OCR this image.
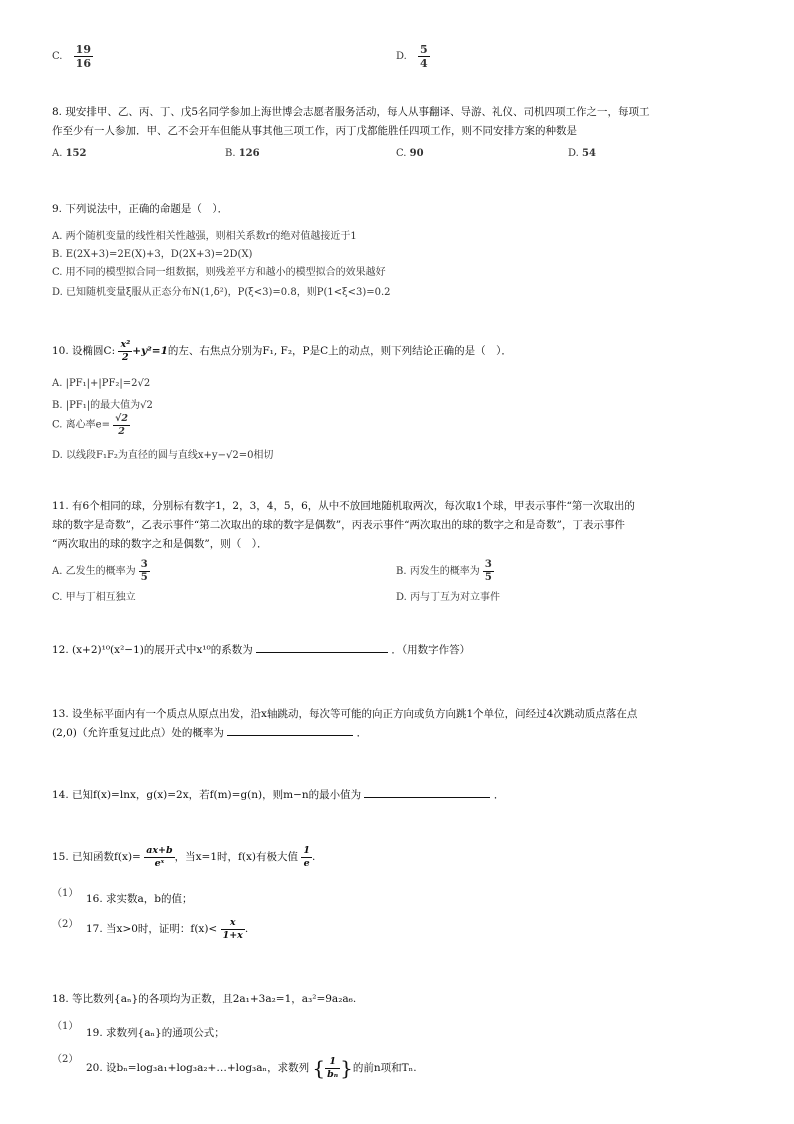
C. $\frac{19}{16}$	D. $\frac{5}{4}$
8. 现安排甲、乙、丙、丁、戊5名同学参加上海世博会志愿者服务活动，每人从事翻译、导游、礼仪、司机四项工作之一，每项工
作至少有一人参加．甲、乙不会开车但能从事其他三项工作，丙丁戊都能胜任四项工作，则不同安排方案的种数是
A. 152	B. 126	C. 90	D. 54
9. 下列说法中，正确的命题是（　）．
A. 两个随机变量的线性相关性越强，则相关系数r的绝对值越接近于1
B. E(2X+3)=2E(X)+3，D(2X+3)=2D(X)
C. 用不同的模型拟合同一组数据，则残差平方和越小的模型拟合的效果越好
D. 已知随机变量ξ服从正态分布N(1,δ²)，P(ξ<3)=0.8，则P(1<ξ<3)=0.2
10. 设椭圆C: $\frac{\text{x²}}{2} +y^2=1$的左、右焦点分别为F₁, F₂，P是C上的动点，则下列结论正确的是（　）．
A. |PF₁|+|PF₂|=2√2
B. |PF₁|的最大值为√2
C. 离心率$e= \frac{√2}{2}$
D. 以线段F₁F₂为直径的圆与直线x+y−√2=0相切
11. 有6个相同的球，分别标有数字1，2，3，4，5，6，从中不放回地随机取两次，每次取1个球，甲表示事件“第一次取出的
球的数字是奇数”，乙表示事件“第二次取出的球的数字是偶数”，丙表示事件“两次取出的球的数字之和是奇数”，丁表示事件
“两次取出的球的数字之和是偶数”，则（　）．
A. 乙发生的概率为 $\frac{3}{5}$	B. 丙发生的概率为 $\frac{3}{5}$
C. 甲与丁相互独立	D. 丙与丁互为对立事件
12. (x+2)¹⁰(x²−1)的展开式中x¹⁰的系数为	．（用数字作答）
13. 设坐标平面内有一个质点从原点出发，沿x轴跳动，每次等可能的向正方向或负方向跳1个单位，问经过4次跳动质点落在点
(2,0)（允许重复过此点）处的概率为	．
14. 已知f(x)=lnx，g(x)=2x，若f(m)=g(n)，则m−n的最小值为	．
15. 已知函数$f(x)= \frac{ax+b}{\text{eˣ}}$ ，当x=1时，f(x)有极大值 $\frac{1}{e}$ .
（1） 16. 求实数a，b的值；
（2） 17. 当x>0时，证明：$f(x)< \frac{x}{1+x}$ .
18. 等比数列{aₙ}的各项均为正数，且2a₁+3a₂=1，a₃²=9a₂a₆.
（1）
19. 求数列{aₙ}的通项公式；
（2）
20. 设bₙ=log₃a₁+log₃a₂+…+log₃aₙ，求数列 { $\frac{1}{\text{bₙ}}$ }的前n项和Tₙ.
